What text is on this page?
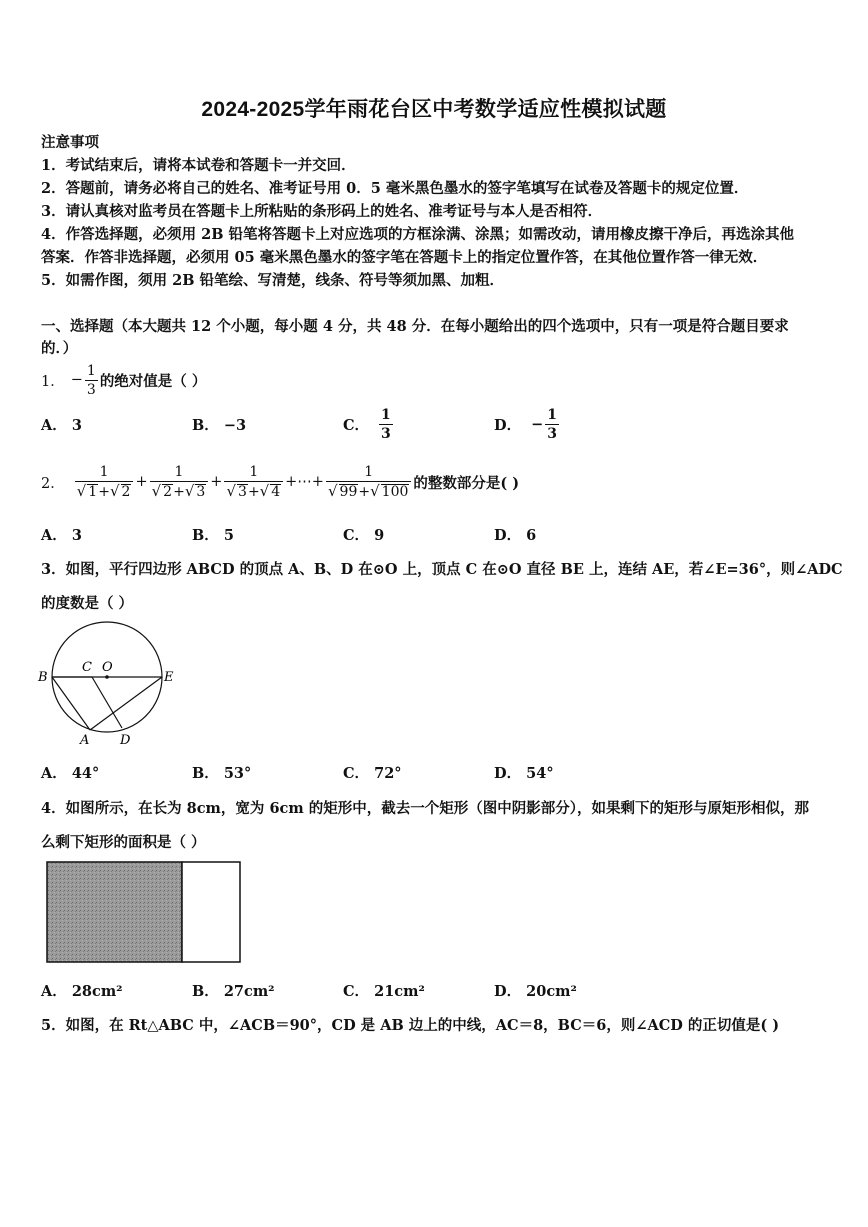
2024-2025学年雨花台区中考数学适应性模拟试题
注意事项
1．考试结束后，请将本试卷和答题卡一并交回．
2．答题前，请务必将自己的姓名、准考证号用 0．5 毫米黑色墨水的签字笔填写在试卷及答题卡的规定位置．
3．请认真核对监考员在答题卡上所粘贴的条形码上的姓名、准考证号与本人是否相符．
4．作答选择题，必须用 2B 铅笔将答题卡上对应选项的方框涂满、涂黑；如需改动，请用橡皮擦干净后，再选涂其他
答案．作答非选择题，必须用 05 毫米黑色墨水的签字笔在答题卡上的指定位置作答，在其他位置作答一律无效．
5．如需作图，须用 2B 铅笔绘、写清楚，线条、符号等须加黑、加粗．
一、选择题（本大题共 12 个小题，每小题 4 分，共 48 分．在每小题给出的四个选项中，只有一项是符合题目要求
的．）
1． − $\frac{1}{3}$ 的绝对值是（ ）
A． 3	B． −3	C． $\frac{1}{3}$	D． − $\frac{1}{3}$
2． $\frac{1}{√ 1+√ 2} + \frac{1}{√ 2+√ 3} + \frac{1}{√ 3+√ 4}$ +⋯+ $\frac{1}{√ 99+√ 100}$ 的整数部分是( )
A． 3	B． 5	C． 9	D． 6
3．如图，平行四边形 ABCD 的顶点 A、B、D 在⊙O 上，顶点 C 在⊙O 直径 BE 上，连结 AE，若∠E=36°，则∠ADC
的度数是（ ）
B
C O
E
A D
A． 44°	B． 53°	C． 72°	D． 54°
4．如图所示，在长为 8cm，宽为 6cm 的矩形中，截去一个矩形（图中阴影部分），如果剩下的矩形与原矩形相似，那
么剩下矩形的面积是（ ）
A． 28cm²	B． 27cm²	C． 21cm²	D． 20cm²
5．如图，在 Rt△ABC 中，∠ACB＝90°，CD 是 AB 边上的中线，AC＝8，BC＝6，则∠ACD 的正切值是( )
